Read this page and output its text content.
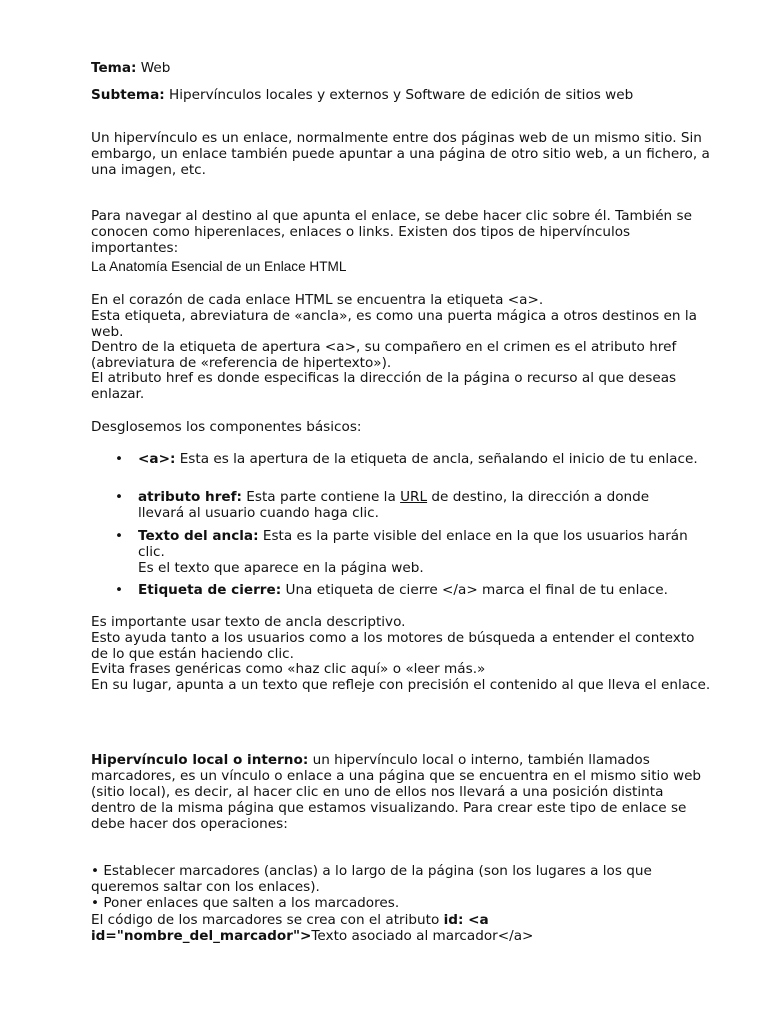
Tema: Web

Subtema: Hipervínculos locales y externos y Software de edición de sitios web

Un hipervínculo es un enlace, normalmente entre dos páginas web de un mismo sitio. Sin embargo, un enlace también puede apuntar a una página de otro sitio web, a un fichero, a una imagen, etc.

Para navegar al destino al que apunta el enlace, se debe hacer clic sobre él. También se conocen como hiperenlaces, enlaces o links. Existen dos tipos de hipervínculos importantes:

La Anatomía Esencial de un Enlace HTML

En el corazón de cada enlace HTML se encuentra la etiqueta <a>.

Esta etiqueta, abreviatura de «ancla», es como una puerta mágica a otros destinos en la web.

Dentro de la etiqueta de apertura <a>, su compañero en el crimen es el atributo href (abreviatura de «referencia de hipertexto»).

El atributo href es donde especificas la dirección de la página o recurso al que deseas enlazar.

Desglosemos los componentes básicos:

• <a>: Esta es la apertura de la etiqueta de ancla, señalando el inicio de tu enlace.
• atributo href: Esta parte contiene la URL de destino, la dirección a donde llevará al usuario cuando haga clic.
• Texto del ancla: Esta es la parte visible del enlace en la que los usuarios harán clic.
Es el texto que aparece en la página web.
• Etiqueta de cierre: Una etiqueta de cierre </a> marca el final de tu enlace.

Es importante usar texto de ancla descriptivo.

Esto ayuda tanto a los usuarios como a los motores de búsqueda a entender el contexto de lo que están haciendo clic.

Evita frases genéricas como «haz clic aquí» o «leer más.»

En su lugar, apunta a un texto que refleje con precisión el contenido al que lleva el enlace.

Hipervínculo local o interno: un hipervínculo local o interno, también llamados marcadores, es un vínculo o enlace a una página que se encuentra en el mismo sitio web (sitio local), es decir, al hacer clic en uno de ellos nos llevará a una posición distinta dentro de la misma página que estamos visualizando. Para crear este tipo de enlace se debe hacer dos operaciones:

• Establecer marcadores (anclas) a lo largo de la página (son los lugares a los que queremos saltar con los enlaces).

• Poner enlaces que salten a los marcadores.

El código de los marcadores se crea con el atributo id: <a id="nombre_del_marcador">Texto asociado al marcador</a>
